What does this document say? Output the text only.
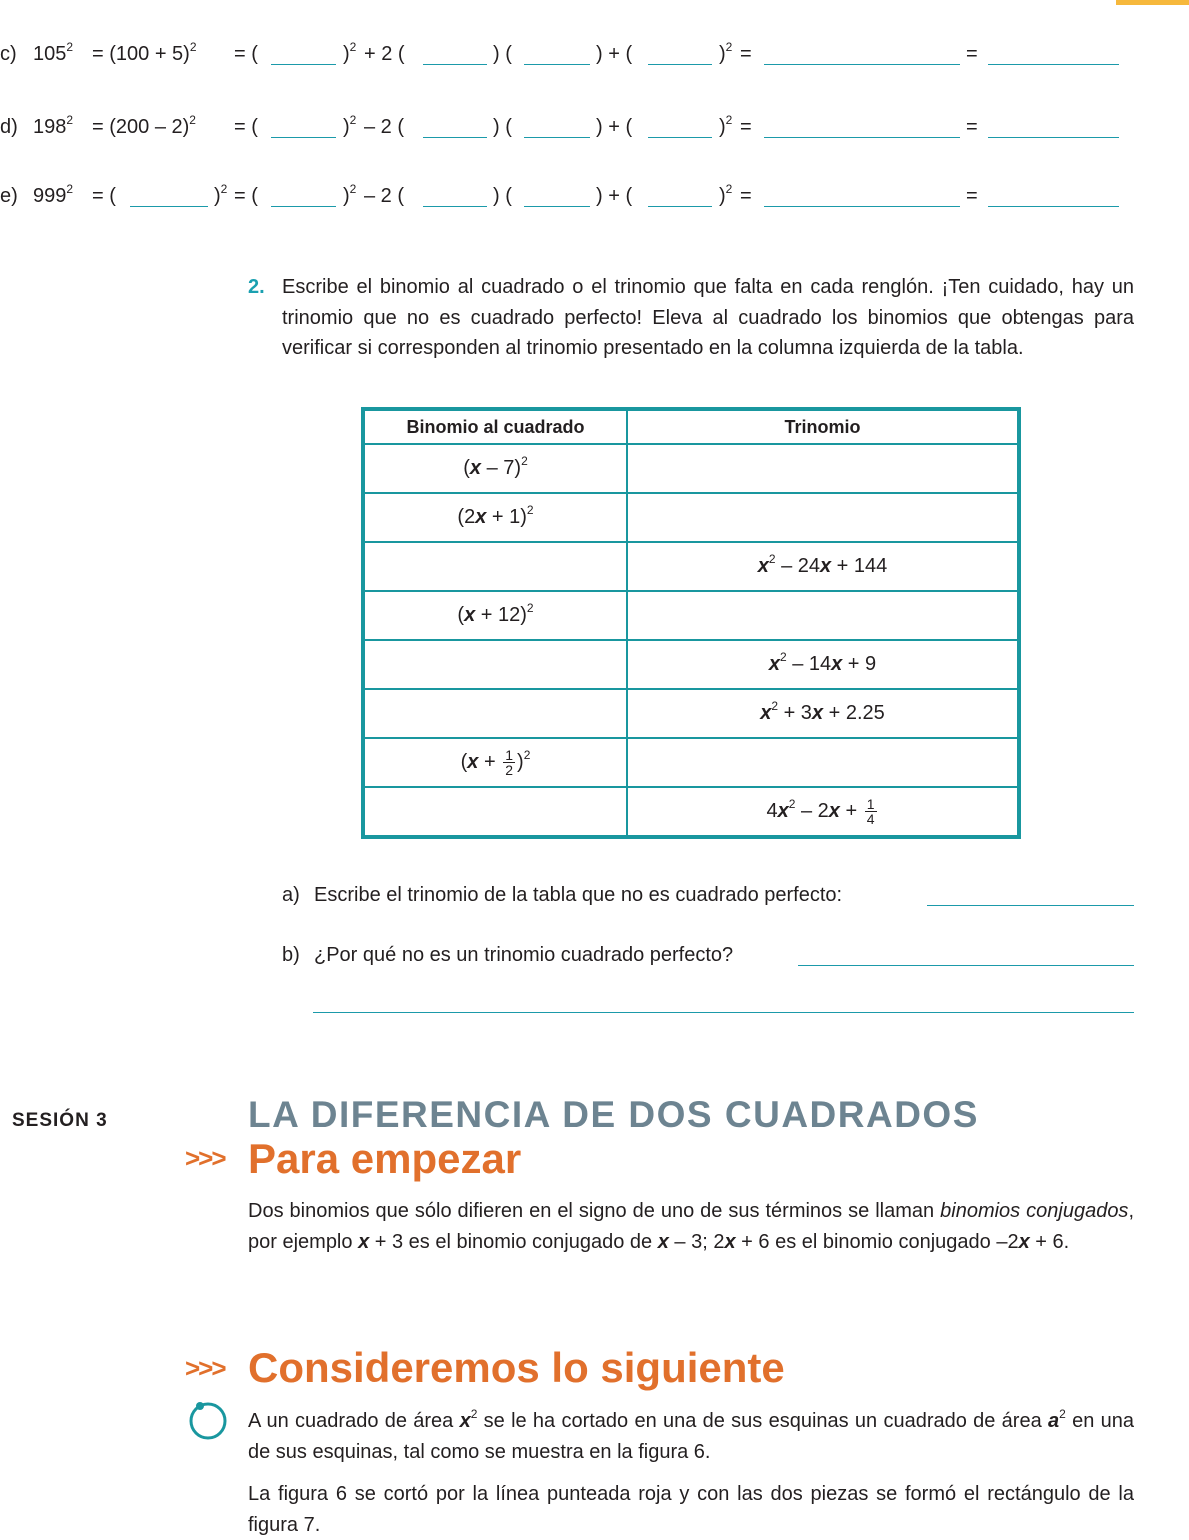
c) $105^2 = (100 + 5)^2$ = (	)$^2$ + 2 (	) (	) + (	)$^2$ =	=
d) $198^2 = (200 - 2)^2$ = (	)$^2$ – 2 (	) (	) + (	)$^2$ =	=
e) $999^2$ = (	)$^2$ = (	)$^2$ – 2 (	) (	) + (	)$^2$ =	=
2. Escribe el binomio al cuadrado o el trinomio que falta en cada renglón. ¡Ten cuidado, hay un trinomio que no es cuadrado perfecto! Eleva al cuadrado los binomios que obtengas para verificar si corresponden al trinomio presentado en la columna izquierda de la tabla.
Binomio al cuadrado	Trinomio
(x – 7)$^2$	
$(2x + 1)^2$	
	$x^2 - 24x + 144$
$(x + 12)^2$	
	$x^2 - 14x + 9$
	$x^2 + 3x + 2.25$
$(x + \frac{1}{2} )^2$	
	$4x^2 - 2x + \frac{1}{4}$
a) Escribe el trinomio de la tabla que no es cuadrado perfecto:
b) ¿Por qué no es un trinomio cuadrado perfecto?
SESIÓN 3	LA DIFERENCIA DE DOS CUADRADOS
>>> Para empezar
Dos binomios que sólo difieren en el signo de uno de sus términos se llaman binomios conjugados, por ejemplo x + 3 es el binomio conjugado de x – 3; 2x + 6 es el binomio conjugado –2x + 6.
>>> Consideremos lo siguiente
A un cuadrado de área $x^2$ se le ha cortado en una de sus esquinas un cuadrado de área $a^2$ en una de sus esquinas, tal como se muestra en la figura 6.
La figura 6 se cortó por la línea punteada roja y con las dos piezas se formó el rectángulo de la figura 7.
